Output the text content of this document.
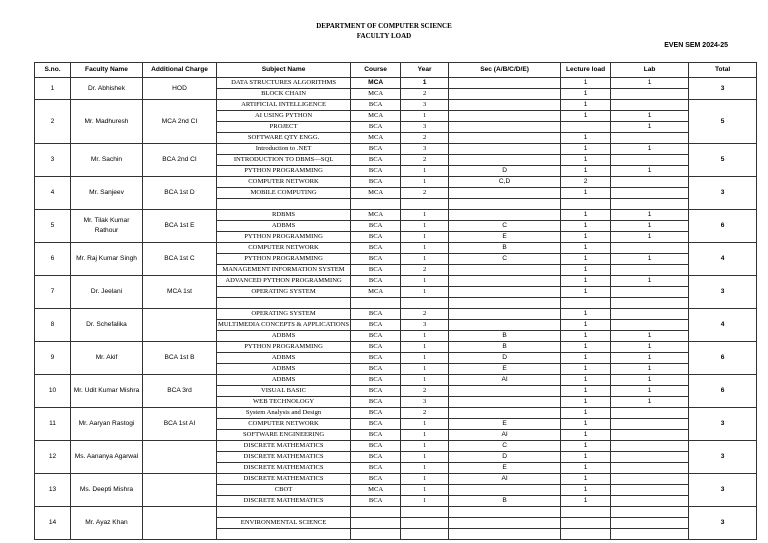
DEPARTMENT OF COMPUTER SCIENCE
FACULTY LOAD
EVEN SEM 2024-25
S.no.	Faculty Name	Additional Charge	Subject Name	Course	Year	Sec (A/B/C/D/E)	Lecture load	Lab	Total
1	Dr. Abhishek	HOD	DATA STRUCTURES ALGORITHMS	MCA	1		1	1	3
			BLOCK CHAIN	MCA	2		1		
2	Mr. Madhuresh	MCA 2nd CI	ARTIFICIAL INTELLIGENCE	BCA	3		1		5
			AI USING PYTHON	MCA	1		1	1	
			PROJECT	BCA	3			1	
			SOFTWARE QTY ENGG.	MCA	2		1		
3	Mr. Sachin	BCA 2nd CI	Introduction to .NET	BCA	3		1	1	5
			INTRODUCTION TO DBMS—SQL	BCA	2		1		
			PYTHON PROGRAMMING	BCA	1	D	1	1	
4	Mr. Sanjeev	BCA 1st D	COMPUTER NETWORK	BCA	1	C,D	2		3
			MOBILE COMPUTING	MCA	2		1		

5	Mr. Tilak Kumar Rathour	BCA 1st E	RDBMS	MCA	1		1	1	6
			ADBMS	BCA	1	C	1	1	
			PYTHON PROGRAMMING	BCA	1	E	1	1	
6	Mr. Raj Kumar Singh	BCA 1st C	COMPUTER NETWORK	BCA	1	B	1		4
			PYTHON PROGRAMMING	BCA	1	C	1	1	
			MANAGEMENT INFORMATION SYSTEM	BCA	2		1		
7	Dr. Jeelani	MCA 1st	ADVANCED PYTHON PROGRAMMING	BCA	1		1	1	3
			OPERATING SYSTEM	MCA	1		1		

8	Dr. Schefalika		OPERATING SYSTEM	BCA	2		1		4
			MULTIMEDIA CONCEPTS & APPLICATIONS	BCA	3		1		
			ADBMS	BCA	1	B	1	1	
9	Mr. Akif	BCA 1st B	PYTHON PROGRAMMING	BCA	1	B	1	1	6
			ADBMS	BCA	1	D	1	1	
			ADBMS	BCA	1	E	1	1	
10	Mr. Udit Kumar Mishra	BCA 3rd	ADBMS	BCA	1	AI	1	1	6
			VISUAL BASIC	BCA	2		1	1	
			WEB TECHNOLOGY	BCA	3		1	1	
11	Mr. Aaryan Rastogi	BCA 1st AI	System Analysis and Design	BCA	2		1		3
			COMPUTER NETWORK	BCA	1	E	1		
			SOFTWARE ENGINEERING	BCA	1	AI	1		
12	Ms. Aananya Agarwal		DISCRETE MATHEMATICS	BCA	1	C	1		3
			DISCRETE MATHEMATICS	BCA	1	D	1		
			DISCRETE MATHEMATICS	BCA	1	E	1		
13	Ms. Deepti Mishra		DISCRETE MATHEMATICS	BCA	1	AI	1		3
			CBOT	MCA	1		1		
			DISCRETE MATHEMATICS	BCA	1	B	1		
14	Mr. Ayaz Khan								3
			ENVIRONMENTAL SCIENCE						
